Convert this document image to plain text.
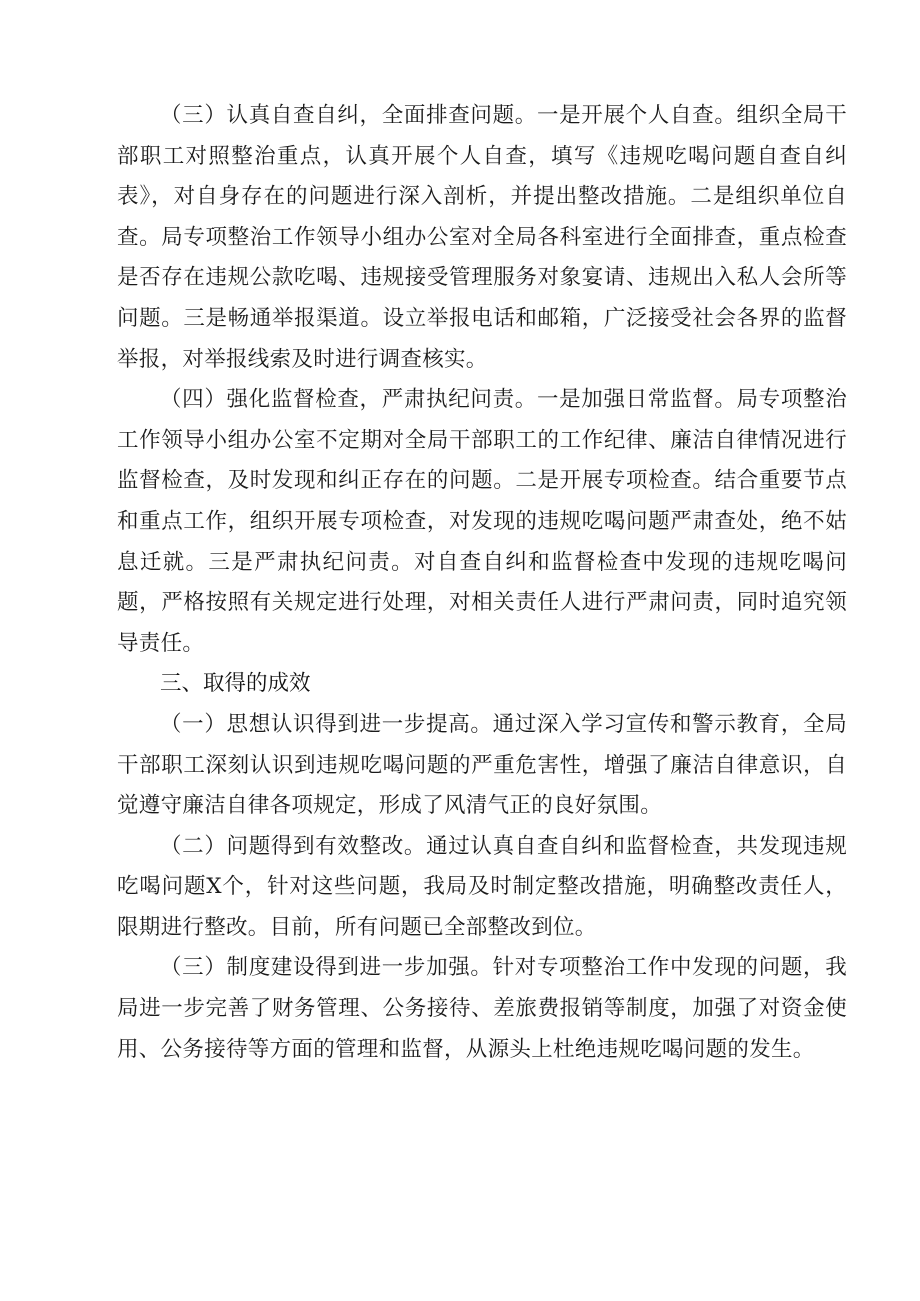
（三）认真自查自纠，全面排查问题。一是开展个人自查。组织全局干部职工对照整治重点，认真开展个人自查，填写《违规吃喝问题自查自纠表》，对自身存在的问题进行深入剖析，并提出整改措施。二是组织单位自查。局专项整治工作领导小组办公室对全局各科室进行全面排查，重点检查是否存在违规公款吃喝、违规接受管理服务对象宴请、违规出入私人会所等问题。三是畅通举报渠道。设立举报电话和邮箱，广泛接受社会各界的监督举报，对举报线索及时进行调查核实。

（四）强化监督检查，严肃执纪问责。一是加强日常监督。局专项整治工作领导小组办公室不定期对全局干部职工的工作纪律、廉洁自律情况进行监督检查，及时发现和纠正存在的问题。二是开展专项检查。结合重要节点和重点工作，组织开展专项检查，对发现的违规吃喝问题严肃查处，绝不姑息迁就。三是严肃执纪问责。对自查自纠和监督检查中发现的违规吃喝问题，严格按照有关规定进行处理，对相关责任人进行严肃问责，同时追究领导责任。

三、取得的成效

（一）思想认识得到进一步提高。通过深入学习宣传和警示教育，全局干部职工深刻认识到违规吃喝问题的严重危害性，增强了廉洁自律意识，自觉遵守廉洁自律各项规定，形成了风清气正的良好氛围。

（二）问题得到有效整改。通过认真自查自纠和监督检查，共发现违规吃喝问题X个，针对这些问题，我局及时制定整改措施，明确整改责任人，限期进行整改。目前，所有问题已全部整改到位。

（三）制度建设得到进一步加强。针对专项整治工作中发现的问题，我局进一步完善了财务管理、公务接待、差旅费报销等制度，加强了对资金使用、公务接待等方面的管理和监督，从源头上杜绝违规吃喝问题的发生。
